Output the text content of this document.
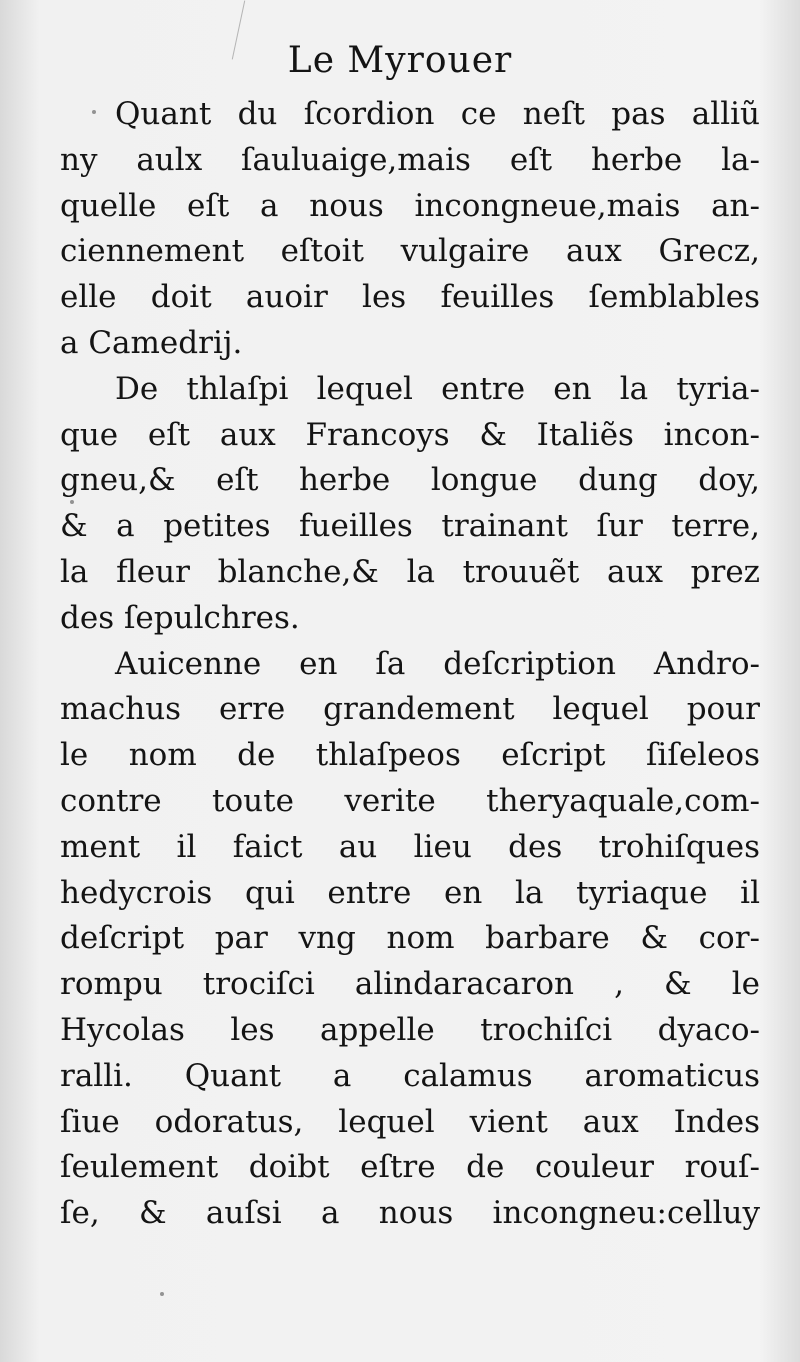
Le Myrouer
Quant du ſcordion ce neſt pas alliũ
ny aulx ſauluaige,mais eſt herbe la-
quelle eſt a nous incongneue,mais an-
ciennement eſtoit vulgaire aux Grecz,
elle doit auoir les feuilles ſemblables
a Camedrij.
De thlaſpi lequel entre en la tyria-
que eſt aux Francoys & Italiẽs incon-
gneu,& eſt herbe longue dung doy,
& a petites fueilles trainant ſur terre,
la fleur blanche,& la trouuẽt aux prez
des ſepulchres.
Auicenne en ſa deſcription Andro-
machus erre grandement lequel pour
le nom de thlaſpeos eſcript ſiſeleos
contre toute verite theryaquale,com-
ment il faict au lieu des trohiſques
hedycrois qui entre en la tyriaque il
deſcript par vng nom barbare & cor-
rompu trociſci alindaracaron , & le
Hycolas les appelle trochiſci dyaco-
ralli. Quant a calamus aromaticus
ſiue odoratus, lequel vient aux Indes
ſeulement doibt eſtre de couleur rouſ-
ſe, & auſsi a nous incongneu:celluy
